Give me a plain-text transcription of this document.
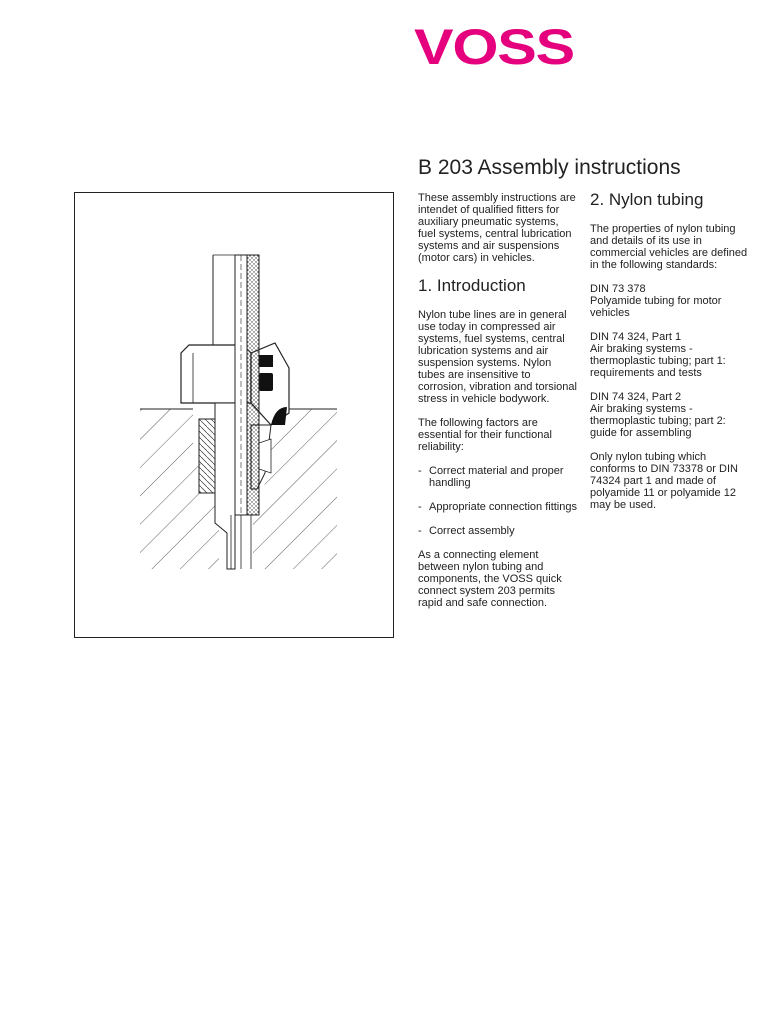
VOSS
B 203 Assembly instructions

These assembly instructions are intendet of qualified fitters for auxiliary pneumatic systems, fuel systems, central lubrication systems and air suspensions (motor cars) in vehicles.

1. Introduction

Nylon tube lines are in general use today in compressed air systems, fuel systems, central lubrication systems and air suspension systems. Nylon tubes are insensitive to corrosion, vibration and torsional stress in vehicle bodywork.

The following factors are essential for their functional reliability:

- Correct material and proper handling
- Appropriate connection fittings
- Correct assembly

As a connecting element between nylon tubing and components, the VOSS quick connect system 203 permits rapid and safe connection.

2. Nylon tubing

The properties of nylon tubing and details of its use in commercial vehicles are defined in the following standards:

DIN 73 378
Polyamide tubing for motor vehicles
DIN 74 324, Part 1
Air braking systems - thermoplastic tubing; part 1: requirements and tests
DIN 74 324, Part 2
Air braking systems - thermoplastic tubing; part 2: guide for assembling

Only nylon tubing which conforms to DIN 73378 or DIN 74324 part 1 and made of polyamide 11 or polyamide 12 may be used.
